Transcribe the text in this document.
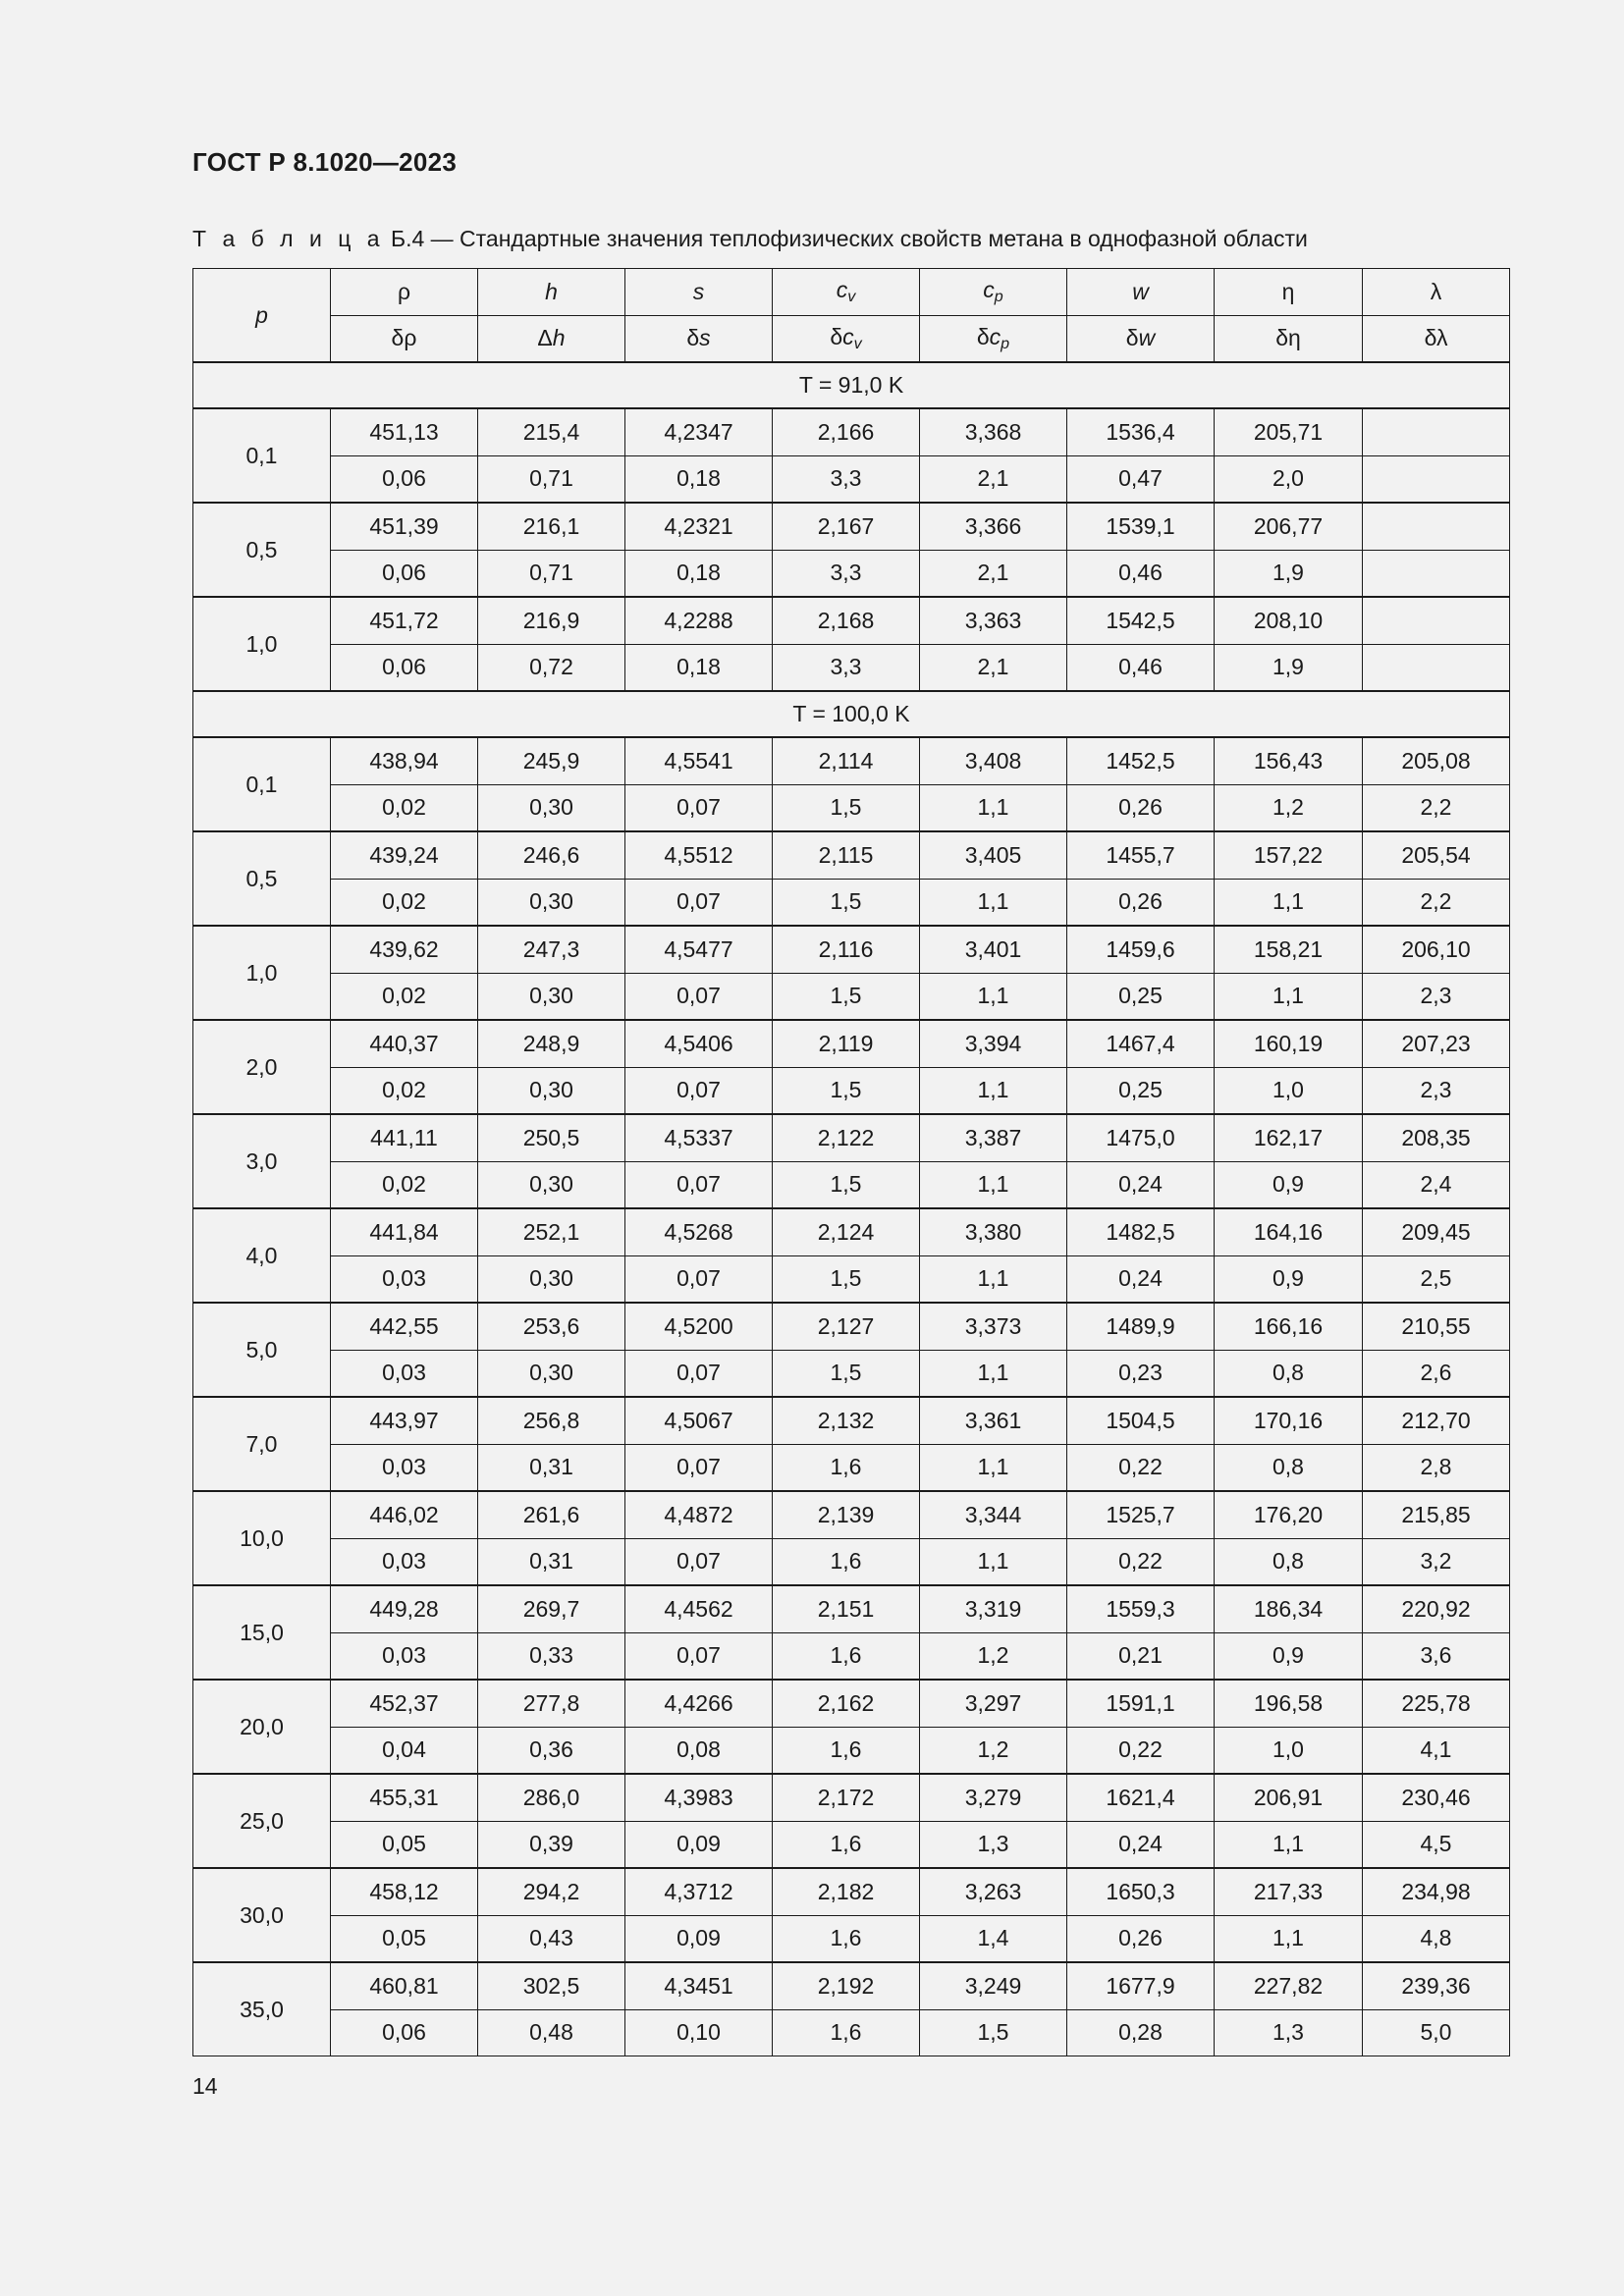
ГОСТ Р 8.1020—2023
Т а б л и ц а Б.4 — Стандартные значения теплофизических свойств метана в однофазной области
p	ρ	h	s	$c_v$	$c_p$	w	η	λ
	δρ	Δh	δs	$\delta c_v$	$\delta c_p$	δw	δη	δλ
T = 91,0 K								
0,1	451,13	215,4	4,2347	2,166	3,368	1536,4	205,71	
	0,06	0,71	0,18	3,3	2,1	0,47	2,0	
0,5	451,39	216,1	4,2321	2,167	3,366	1539,1	206,77	
	0,06	0,71	0,18	3,3	2,1	0,46	1,9	
1,0	451,72	216,9	4,2288	2,168	3,363	1542,5	208,10	
	0,06	0,72	0,18	3,3	2,1	0,46	1,9	
T = 100,0 K								
0,1	438,94	245,9	4,5541	2,114	3,408	1452,5	156,43	205,08
	0,02	0,30	0,07	1,5	1,1	0,26	1,2	2,2
0,5	439,24	246,6	4,5512	2,115	3,405	1455,7	157,22	205,54
	0,02	0,30	0,07	1,5	1,1	0,26	1,1	2,2
1,0	439,62	247,3	4,5477	2,116	3,401	1459,6	158,21	206,10
	0,02	0,30	0,07	1,5	1,1	0,25	1,1	2,3
2,0	440,37	248,9	4,5406	2,119	3,394	1467,4	160,19	207,23
	0,02	0,30	0,07	1,5	1,1	0,25	1,0	2,3
3,0	441,11	250,5	4,5337	2,122	3,387	1475,0	162,17	208,35
	0,02	0,30	0,07	1,5	1,1	0,24	0,9	2,4
4,0	441,84	252,1	4,5268	2,124	3,380	1482,5	164,16	209,45
	0,03	0,30	0,07	1,5	1,1	0,24	0,9	2,5
5,0	442,55	253,6	4,5200	2,127	3,373	1489,9	166,16	210,55
	0,03	0,30	0,07	1,5	1,1	0,23	0,8	2,6
7,0	443,97	256,8	4,5067	2,132	3,361	1504,5	170,16	212,70
	0,03	0,31	0,07	1,6	1,1	0,22	0,8	2,8
10,0	446,02	261,6	4,4872	2,139	3,344	1525,7	176,20	215,85
	0,03	0,31	0,07	1,6	1,1	0,22	0,8	3,2
15,0	449,28	269,7	4,4562	2,151	3,319	1559,3	186,34	220,92
	0,03	0,33	0,07	1,6	1,2	0,21	0,9	3,6
20,0	452,37	277,8	4,4266	2,162	3,297	1591,1	196,58	225,78
	0,04	0,36	0,08	1,6	1,2	0,22	1,0	4,1
25,0	455,31	286,0	4,3983	2,172	3,279	1621,4	206,91	230,46
	0,05	0,39	0,09	1,6	1,3	0,24	1,1	4,5
30,0	458,12	294,2	4,3712	2,182	3,263	1650,3	217,33	234,98
	0,05	0,43	0,09	1,6	1,4	0,26	1,1	4,8
35,0	460,81	302,5	4,3451	2,192	3,249	1677,9	227,82	239,36
	0,06	0,48	0,10	1,6	1,5	0,28	1,3	5,0
14
